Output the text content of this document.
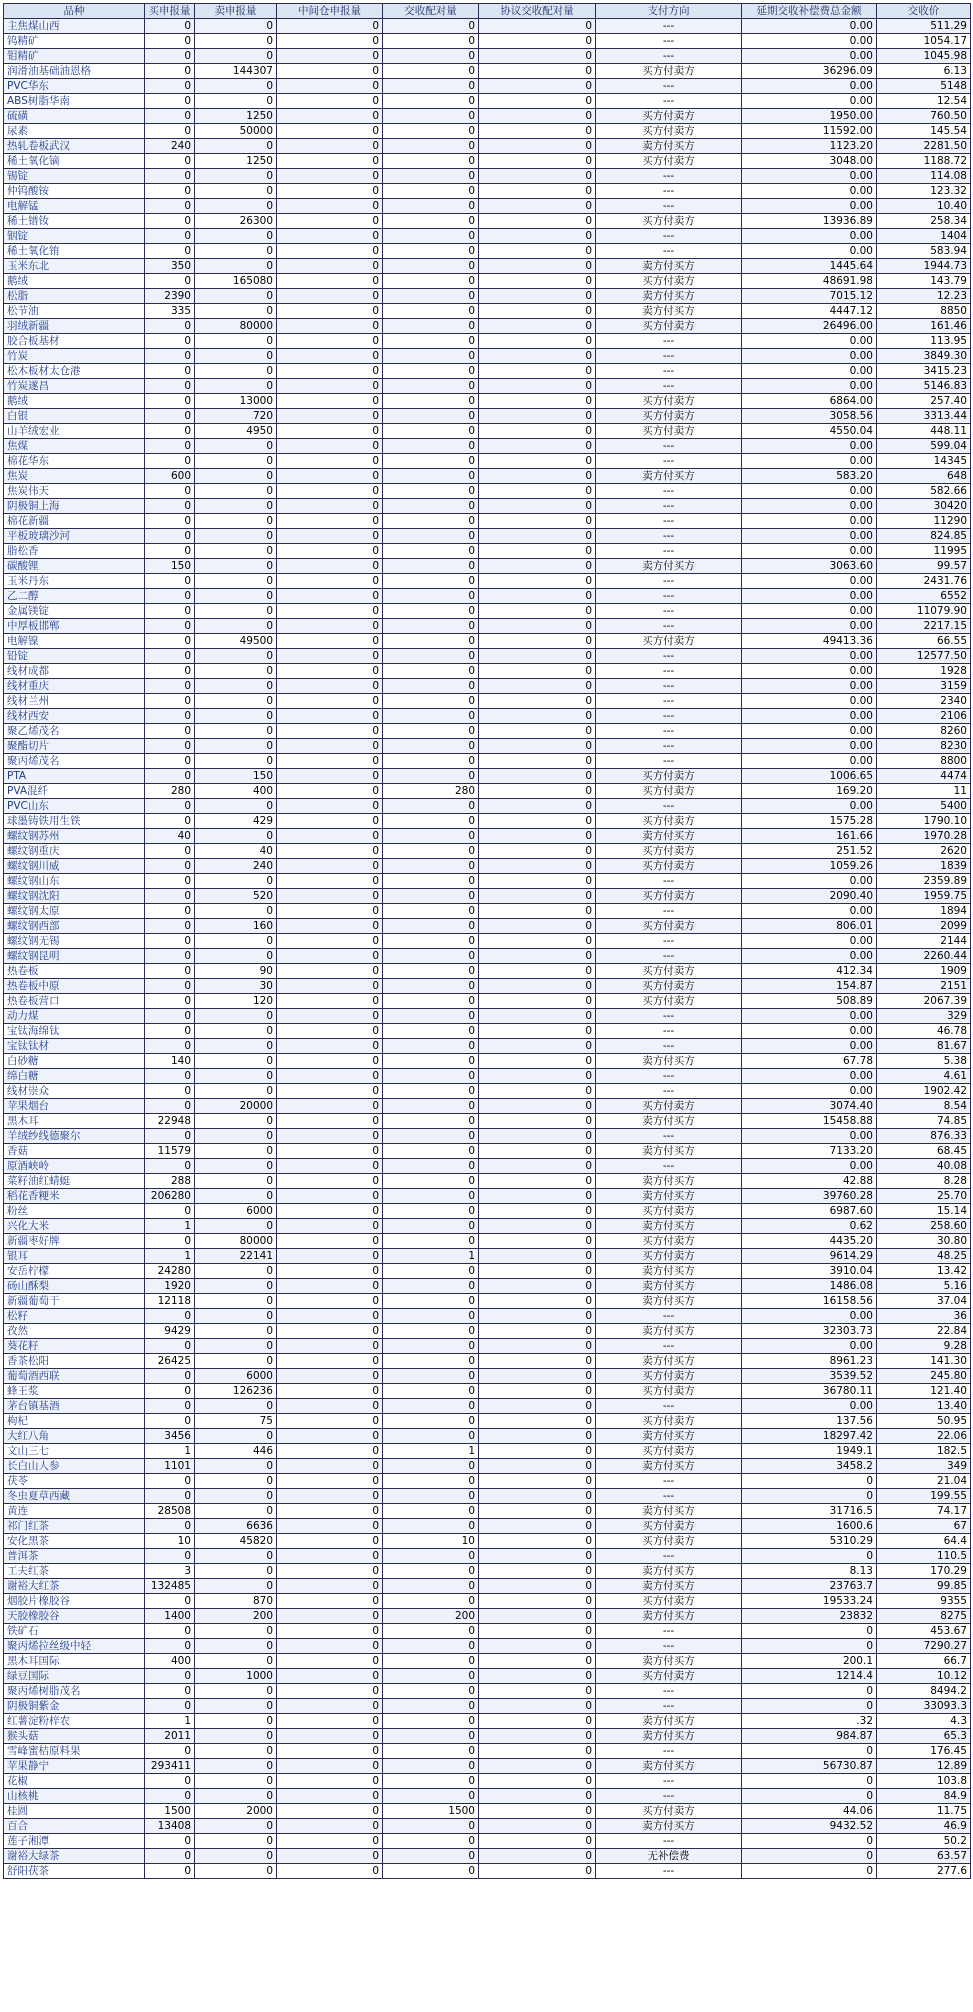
品种	买申报量	卖申报量	中间仓申报量	交收配对量	协议交收配对量	支付方向	延期交收补偿费总金额	交收价
主焦煤山西	0	0	0	0	0	---	0.00	511.29
钨精矿	0	0	0	0	0	---	0.00	1054.17
钼精矿	0	0	0	0	0	---	0.00	1045.98
润滑油基础油恩格	0	144307	0	0	0	买方付卖方	36296.09	6.13
PVC华东	0	0	0	0	0	---	0.00	5148
ABS树脂华南	0	0	0	0	0	---	0.00	12.54
硫磺	0	1250	0	0	0	买方付卖方	1950.00	760.50
尿素	0	50000	0	0	0	买方付卖方	11592.00	145.54
热轧卷板武汉	240	0	0	0	0	卖方付买方	1123.20	2281.50
稀土氧化镝	0	1250	0	0	0	买方付卖方	3048.00	1188.72
锡锭	0	0	0	0	0	---	0.00	114.08
仲钨酸铵	0	0	0	0	0	---	0.00	123.32
电解锰	0	0	0	0	0	---	0.00	10.40
稀土镨钕	0	26300	0	0	0	买方付卖方	13936.89	258.34
铟锭	0	0	0	0	0	---	0.00	1404
稀土氧化铕	0	0	0	0	0	---	0.00	583.94
玉米东北	350	0	0	0	0	卖方付买方	1445.64	1944.73
鹅绒	0	165080	0	0	0	买方付卖方	48691.98	143.79
松脂	2390	0	0	0	0	卖方付买方	7015.12	12.23
松节油	335	0	0	0	0	卖方付买方	4447.12	8850
羽绒新疆	0	80000	0	0	0	买方付卖方	26496.00	161.46
胶合板基材	0	0	0	0	0	---	0.00	113.95
竹炭	0	0	0	0	0	---	0.00	3849.30
松木板材太仓港	0	0	0	0	0	---	0.00	3415.23
竹炭遂昌	0	0	0	0	0	---	0.00	5146.83
鹅绒	0	13000	0	0	0	买方付卖方	6864.00	257.40
白银	0	720	0	0	0	买方付卖方	3058.56	3313.44
山羊绒宏业	0	4950	0	0	0	买方付卖方	4550.04	448.11
焦煤	0	0	0	0	0	---	0.00	599.04
棉花华东	0	0	0	0	0	---	0.00	14345
焦炭	600	0	0	0	0	卖方付买方	583.20	648
焦炭伟天	0	0	0	0	0	---	0.00	582.66
阴极铜上海	0	0	0	0	0	---	0.00	30420
棉花新疆	0	0	0	0	0	---	0.00	11290
平板玻璃沙河	0	0	0	0	0	---	0.00	824.85
脂松香	0	0	0	0	0	---	0.00	11995
碳酸锂	150	0	0	0	0	卖方付买方	3063.60	99.57
玉米丹东	0	0	0	0	0	---	0.00	2431.76
乙二醇	0	0	0	0	0	---	0.00	6552
金属镁锭	0	0	0	0	0	---	0.00	11079.90
中厚板邯郸	0	0	0	0	0	---	0.00	2217.15
电解镍	0	49500	0	0	0	买方付卖方	49413.36	66.55
铅锭	0	0	0	0	0	---	0.00	12577.50
线材成都	0	0	0	0	0	---	0.00	1928
线材重庆	0	0	0	0	0	---	0.00	3159
线材兰州	0	0	0	0	0	---	0.00	2340
线材西安	0	0	0	0	0	---	0.00	2106
聚乙烯茂名	0	0	0	0	0	---	0.00	8260
聚酯切片	0	0	0	0	0	---	0.00	8230
聚丙烯茂名	0	0	0	0	0	---	0.00	8800
PTA	0	150	0	0	0	买方付卖方	1006.65	4474
PVA混纤	280	400	0	280	0	买方付卖方	169.20	11
PVC山东	0	0	0	0	0	---	0.00	5400
球墨铸铁用生铁	0	429	0	0	0	买方付卖方	1575.28	1790.10
螺纹钢苏州	40	0	0	0	0	卖方付买方	161.66	1970.28
螺纹钢重庆	0	40	0	0	0	买方付卖方	251.52	2620
螺纹钢川威	0	240	0	0	0	买方付卖方	1059.26	1839
螺纹钢山东	0	0	0	0	0	---	0.00	2359.89
螺纹钢沈阳	0	520	0	0	0	买方付卖方	2090.40	1959.75
螺纹钢太原	0	0	0	0	0	---	0.00	1894
螺纹钢西部	0	160	0	0	0	买方付卖方	806.01	2099
螺纹钢无锡	0	0	0	0	0	---	0.00	2144
螺纹钢昆明	0	0	0	0	0	---	0.00	2260.44
热卷板	0	90	0	0	0	买方付卖方	412.34	1909
热卷板中原	0	30	0	0	0	买方付卖方	154.87	2151
热卷板营口	0	120	0	0	0	买方付卖方	508.89	2067.39
动力煤	0	0	0	0	0	---	0.00	329
宝钛海绵钛	0	0	0	0	0	---	0.00	46.78
宝钛钛材	0	0	0	0	0	---	0.00	81.67
白砂糖	140	0	0	0	0	卖方付买方	67.78	5.38
绵白糖	0	0	0	0	0	---	0.00	4.61
线材崇众	0	0	0	0	0	---	0.00	1902.42
苹果烟台	0	20000	0	0	0	买方付卖方	3074.40	8.54
黑木耳	22948	0	0	0	0	卖方付买方	15458.88	74.85
羊绒纱线德聚尔	0	0	0	0	0	---	0.00	876.33
香菇	11579	0	0	0	0	卖方付买方	7133.20	68.45
原酒峡岭	0	0	0	0	0	---	0.00	40.08
菜籽油红蜻蜓	288	0	0	0	0	卖方付买方	42.88	8.28
稻花香粳米	206280	0	0	0	0	卖方付买方	39760.28	25.70
粉丝	0	6000	0	0	0	买方付卖方	6987.60	15.14
兴化大米	1	0	0	0	0	卖方付买方	0.62	258.60
新疆枣好牌	0	80000	0	0	0	买方付卖方	4435.20	30.80
银耳	1	22141	0	1	0	买方付卖方	9614.29	48.25
安岳柠檬	24280	0	0	0	0	卖方付买方	3910.04	13.42
砀山酥梨	1920	0	0	0	0	卖方付买方	1486.08	5.16
新疆葡萄干	12118	0	0	0	0	卖方付买方	16158.56	37.04
松籽	0	0	0	0	0	---	0.00	36
孜然	9429	0	0	0	0	卖方付买方	32303.73	22.84
葵花籽	0	0	0	0	0	---	0.00	9.28
香茶松阳	26425	0	0	0	0	卖方付买方	8961.23	141.30
葡萄酒西联	0	6000	0	0	0	买方付卖方	3539.52	245.80
蜂王浆	0	126236	0	0	0	买方付卖方	36780.11	121.40
茅台镇基酒	0	0	0	0	0	---	0.00	13.40
枸杞	0	75	0	0	0	买方付卖方	137.56	50.95
大红八角	3456	0	0	0	0	卖方付买方	18297.42	22.06
文山三七	1	446	0	1	0	买方付卖方	1949.1	182.5
长白山人参	1101	0	0	0	0	卖方付买方	3458.2	349
茯苓	0	0	0	0	0	---	0	21.04
冬虫夏草西藏	0	0	0	0	0	---	0	199.55
黄连	28508	0	0	0	0	卖方付买方	31716.5	74.17
祁门红茶	0	6636	0	0	0	买方付卖方	1600.6	67
安化黑茶	10	45820	0	10	0	买方付卖方	5310.29	64.4
普洱茶	0	0	0	0	0	---	0	110.5
工夫红茶	3	0	0	0	0	卖方付买方	8.13	170.29
谢裕大红茶	132485	0	0	0	0	卖方付买方	23763.7	99.85
烟胶片橡胶谷	0	870	0	0	0	买方付卖方	19533.24	9355
天胶橡胶谷	1400	200	0	200	0	卖方付买方	23832	8275
铁矿石	0	0	0	0	0	---	0	453.67
聚丙烯拉丝级中轻	0	0	0	0	0	---	0	7290.27
黑木耳国际	400	0	0	0	0	卖方付买方	200.1	66.7
绿豆国际	0	1000	0	0	0	买方付卖方	1214.4	10.12
聚丙烯树脂茂名	0	0	0	0	0	---	0	8494.2
阴极铜紫金	0	0	0	0	0	---	0	33093.3
红薯淀粉梓农	1	0	0	0	0	卖方付买方	.32	4.3
猴头菇	2011	0	0	0	0	卖方付买方	984.87	65.3
雪峰蜜桔原料果	0	0	0	0	0	---	0	176.45
苹果静宁	293411	0	0	0	0	卖方付买方	56730.87	12.89
花椒	0	0	0	0	0	---	0	103.8
山核桃	0	0	0	0	0	---	0	84.9
桂圆	1500	2000	0	1500	0	买方付卖方	44.06	11.75
百合	13408	0	0	0	0	卖方付买方	9432.52	46.9
莲子湘潭	0	0	0	0	0	---	0	50.2
谢裕大绿茶	0	0	0	0	0	无补偿费	0	63.57
舒阳茯茶	0	0	0	0	0	---	0	277.6
